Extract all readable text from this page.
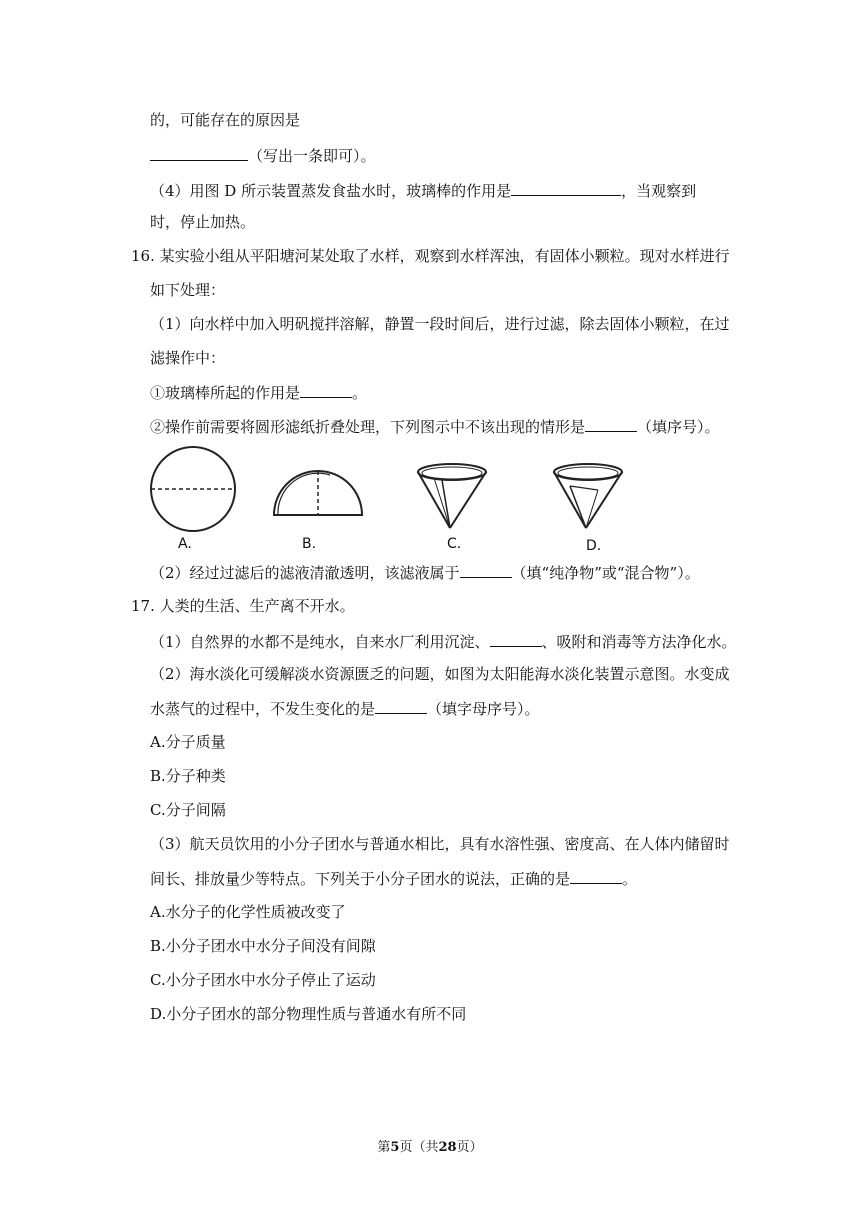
的，可能存在的原因是
（写出一条即可）。
（4）用图 D 所示装置蒸发食盐水时，玻璃棒的作用是	，当观察到
时，停止加热。
16. 某实验小组从平阳塘河某处取了水样，观察到水样浑浊，有固体小颗粒。现对水样进行
如下处理：
（1）向水样中加入明矾搅拌溶解，静置一段时间后，进行过滤，除去固体小颗粒，在过
滤操作中：
①玻璃棒所起的作用是	。
②操作前需要将圆形滤纸折叠处理，下列图示中不该出现的情形是	（填序号）。
A.	B.	C.	D.
（2）经过过滤后的滤液清澈透明，该滤液属于	（填“纯净物”或“混合物”）。
17. 人类的生活、生产离不开水。
（1）自然界的水都不是纯水，自来水厂利用沉淀、	、吸附和消毒等方法净化水。
（2）海水淡化可缓解淡水资源匮乏的问题，如图为太阳能海水淡化装置示意图。水变成
水蒸气的过程中，不发生变化的是	（填字母序号）。
A.分子质量
B.分子种类
C.分子间隔
（3）航天员饮用的小分子团水与普通水相比，具有水溶性强、密度高、在人体内储留时
间长、排放量少等特点。下列关于小分子团水的说法，正确的是	。
A.水分子的化学性质被改变了
B.小分子团水中水分子间没有间隙
C.小分子团水中水分子停止了运动
D.小分子团水的部分物理性质与普通水有所不同
第5页（共28页）
